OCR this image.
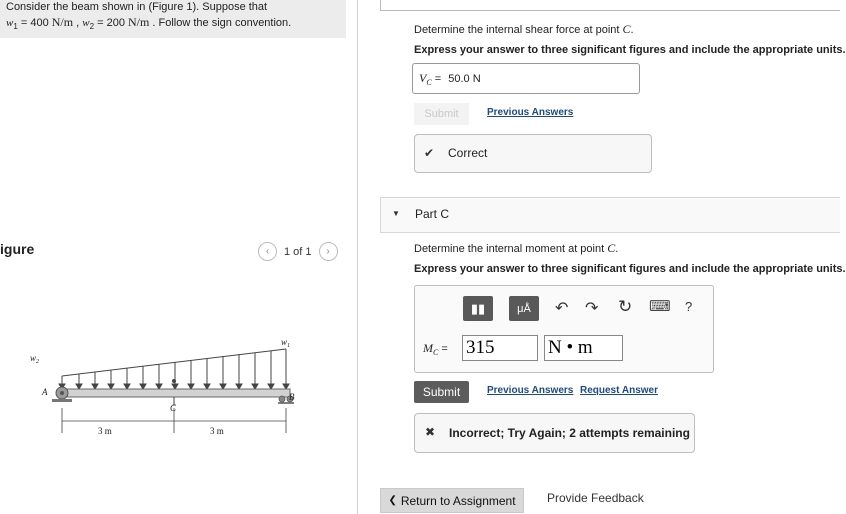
Consider the beam shown in (Figure 1). Suppose that
$w_1 = 400$ N/m , $w_2 = 200$ N/m . Follow the sign convention.
igure	‹	1 of 1	›
$w_2$
$w_1$
A	B
C
3 m	3 m
Determine the internal shear force at point C.
Express your answer to three significant figures and include the appropriate units.
$V_C = 50.0$ N
Submit	Previous Answers
✔ Correct
▼ Part C
Determine the internal moment at point C.
Express your answer to three significant figures and include the appropriate units.
▮▮	μÅ ↶ ↷ ↻ ⌨ ?
$M_C = 315$	N • m
Submit	Previous Answers Request Answer
✖ Incorrect; Try Again; 2 attempts remaining
❮ Return to Assignment	Provide Feedback
